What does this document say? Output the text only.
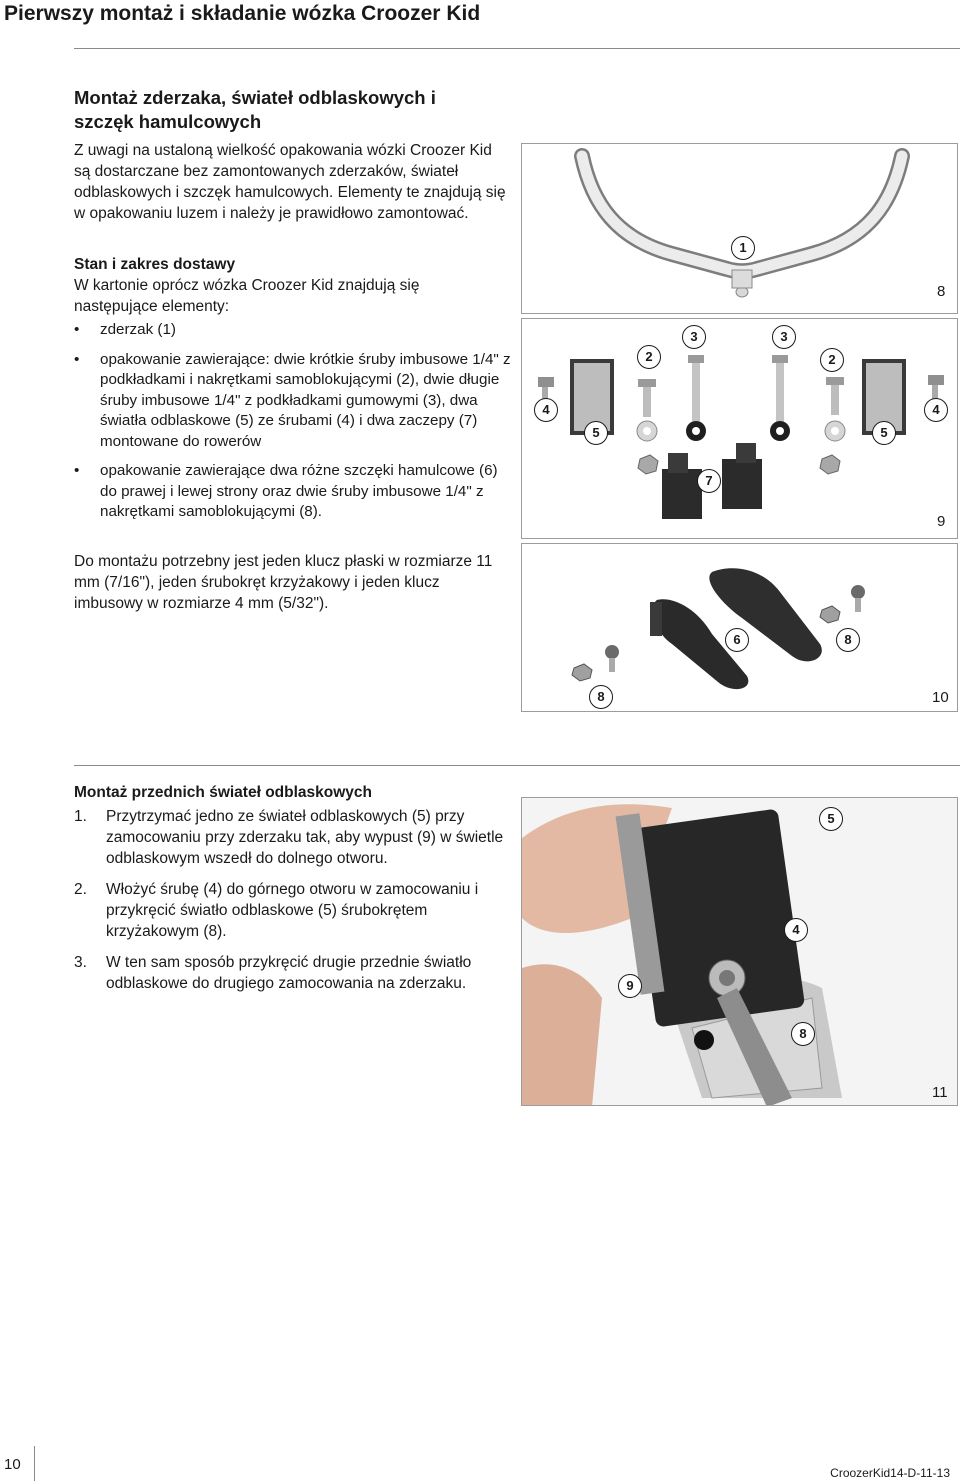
Pierwszy montaż i składanie wózka Croozer Kid
Montaż zderzaka, świateł odblaskowych i szczęk hamulcowych

Z uwagi na ustaloną wielkość opakowania wózki Croozer Kid są dostarczane bez zamontowanych zderzaków, świateł odblaskowych i szczęk hamulcowych. Elementy te znajdują się w opakowaniu luzem i należy je prawidłowo zamontować.

Stan i zakres dostawy

W kartonie oprócz wózka Croozer Kid znajdują się następujące elementy:

• zderzak (1)
• opakowanie zawierające: dwie krótkie śruby imbusowe 1/4" z podkładkami i nakrętkami samoblokującymi (2), dwie długie śruby imbusowe 1/4" z podkładkami gumowymi (3), dwa światła odblaskowe (5) ze śrubami (4) i dwa zaczepy (7) montowane do rowerów
• opakowanie zawierające dwa różne szczęki hamulcowe (6) do prawej i lewej strony oraz dwie śruby imbusowe 1/4" z nakrętkami samoblokującymi (8).

Do montażu potrzebny jest jeden klucz płaski w rozmiarze 11 mm (7/16"), jeden śrubokręt krzyżakowy i jeden klucz imbusowy w rozmiarze 4 mm (5/32").

1
8
4
5
2
3	3
7
2
5
4
9
6	8
8	10
Montaż przednich świateł odblaskowych
1. Przytrzymać jedno ze świateł odblaskowych (5) przy zamocowaniu przy zderzaku tak, aby wypust (9) w świetle odblaskowym wszedł do dolnego otworu.
2. Włożyć śrubę (4) do górnego otworu w zamocowaniu i przykręcić światło odblaskowe (5) śrubokrętem krzyżakowym (8).
3. W ten sam sposób przykręcić drugie przednie światło odblaskowe do drugiego zamocowania na zderzaku.
5
4
9
8
11
10	CroozerKid14-D-11-13
